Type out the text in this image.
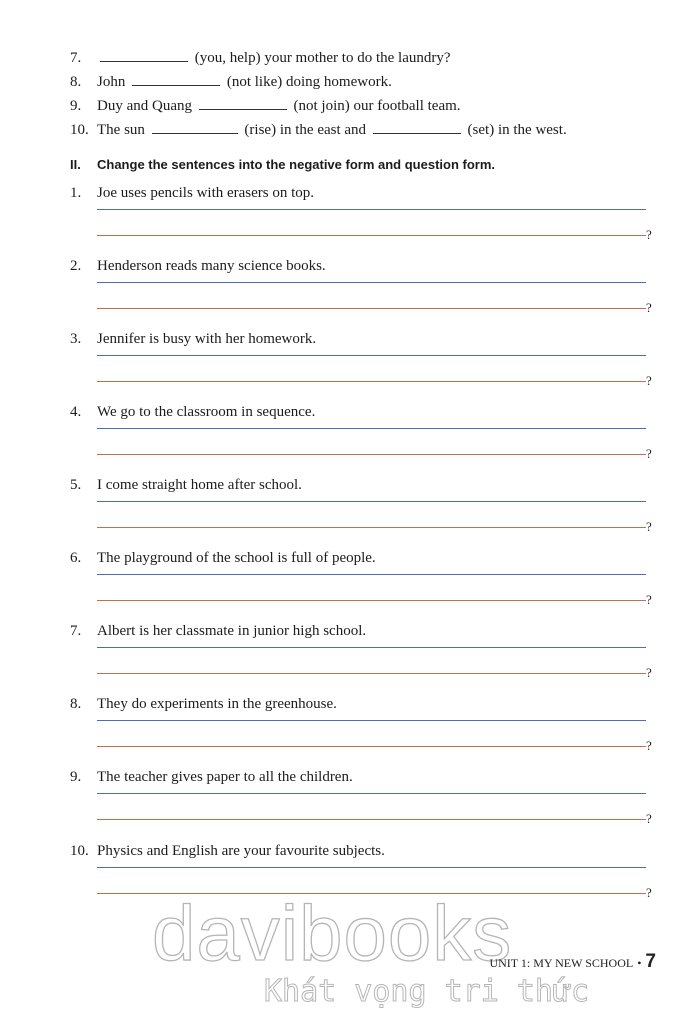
7.	(you, help) your mother to do the laundry?
8. John	(not like) doing homework.
9. Duy and Quang	(not join) our football team.
10. The sun	(rise) in the east and	(set) in the west.
II. Change the sentences into the negative form and question form.
1. Joe uses pencils with erasers on top.
?
2. Henderson reads many science books.
?
3. Jennifer is busy with her homework.
?
4. We go to the classroom in sequence.
?
5. I come straight home after school.
?
6. The playground of the school is full of people.
?
7. Albert is her classmate in junior high school.
?
8. They do experiments in the greenhouse.
?
9. The teacher gives paper to all the children.
?
10. Physics and English are your favourite subjects.
?
davibooks
Khát vọng tri thức
UNIT 1: MY NEW SCHOOL • 7
